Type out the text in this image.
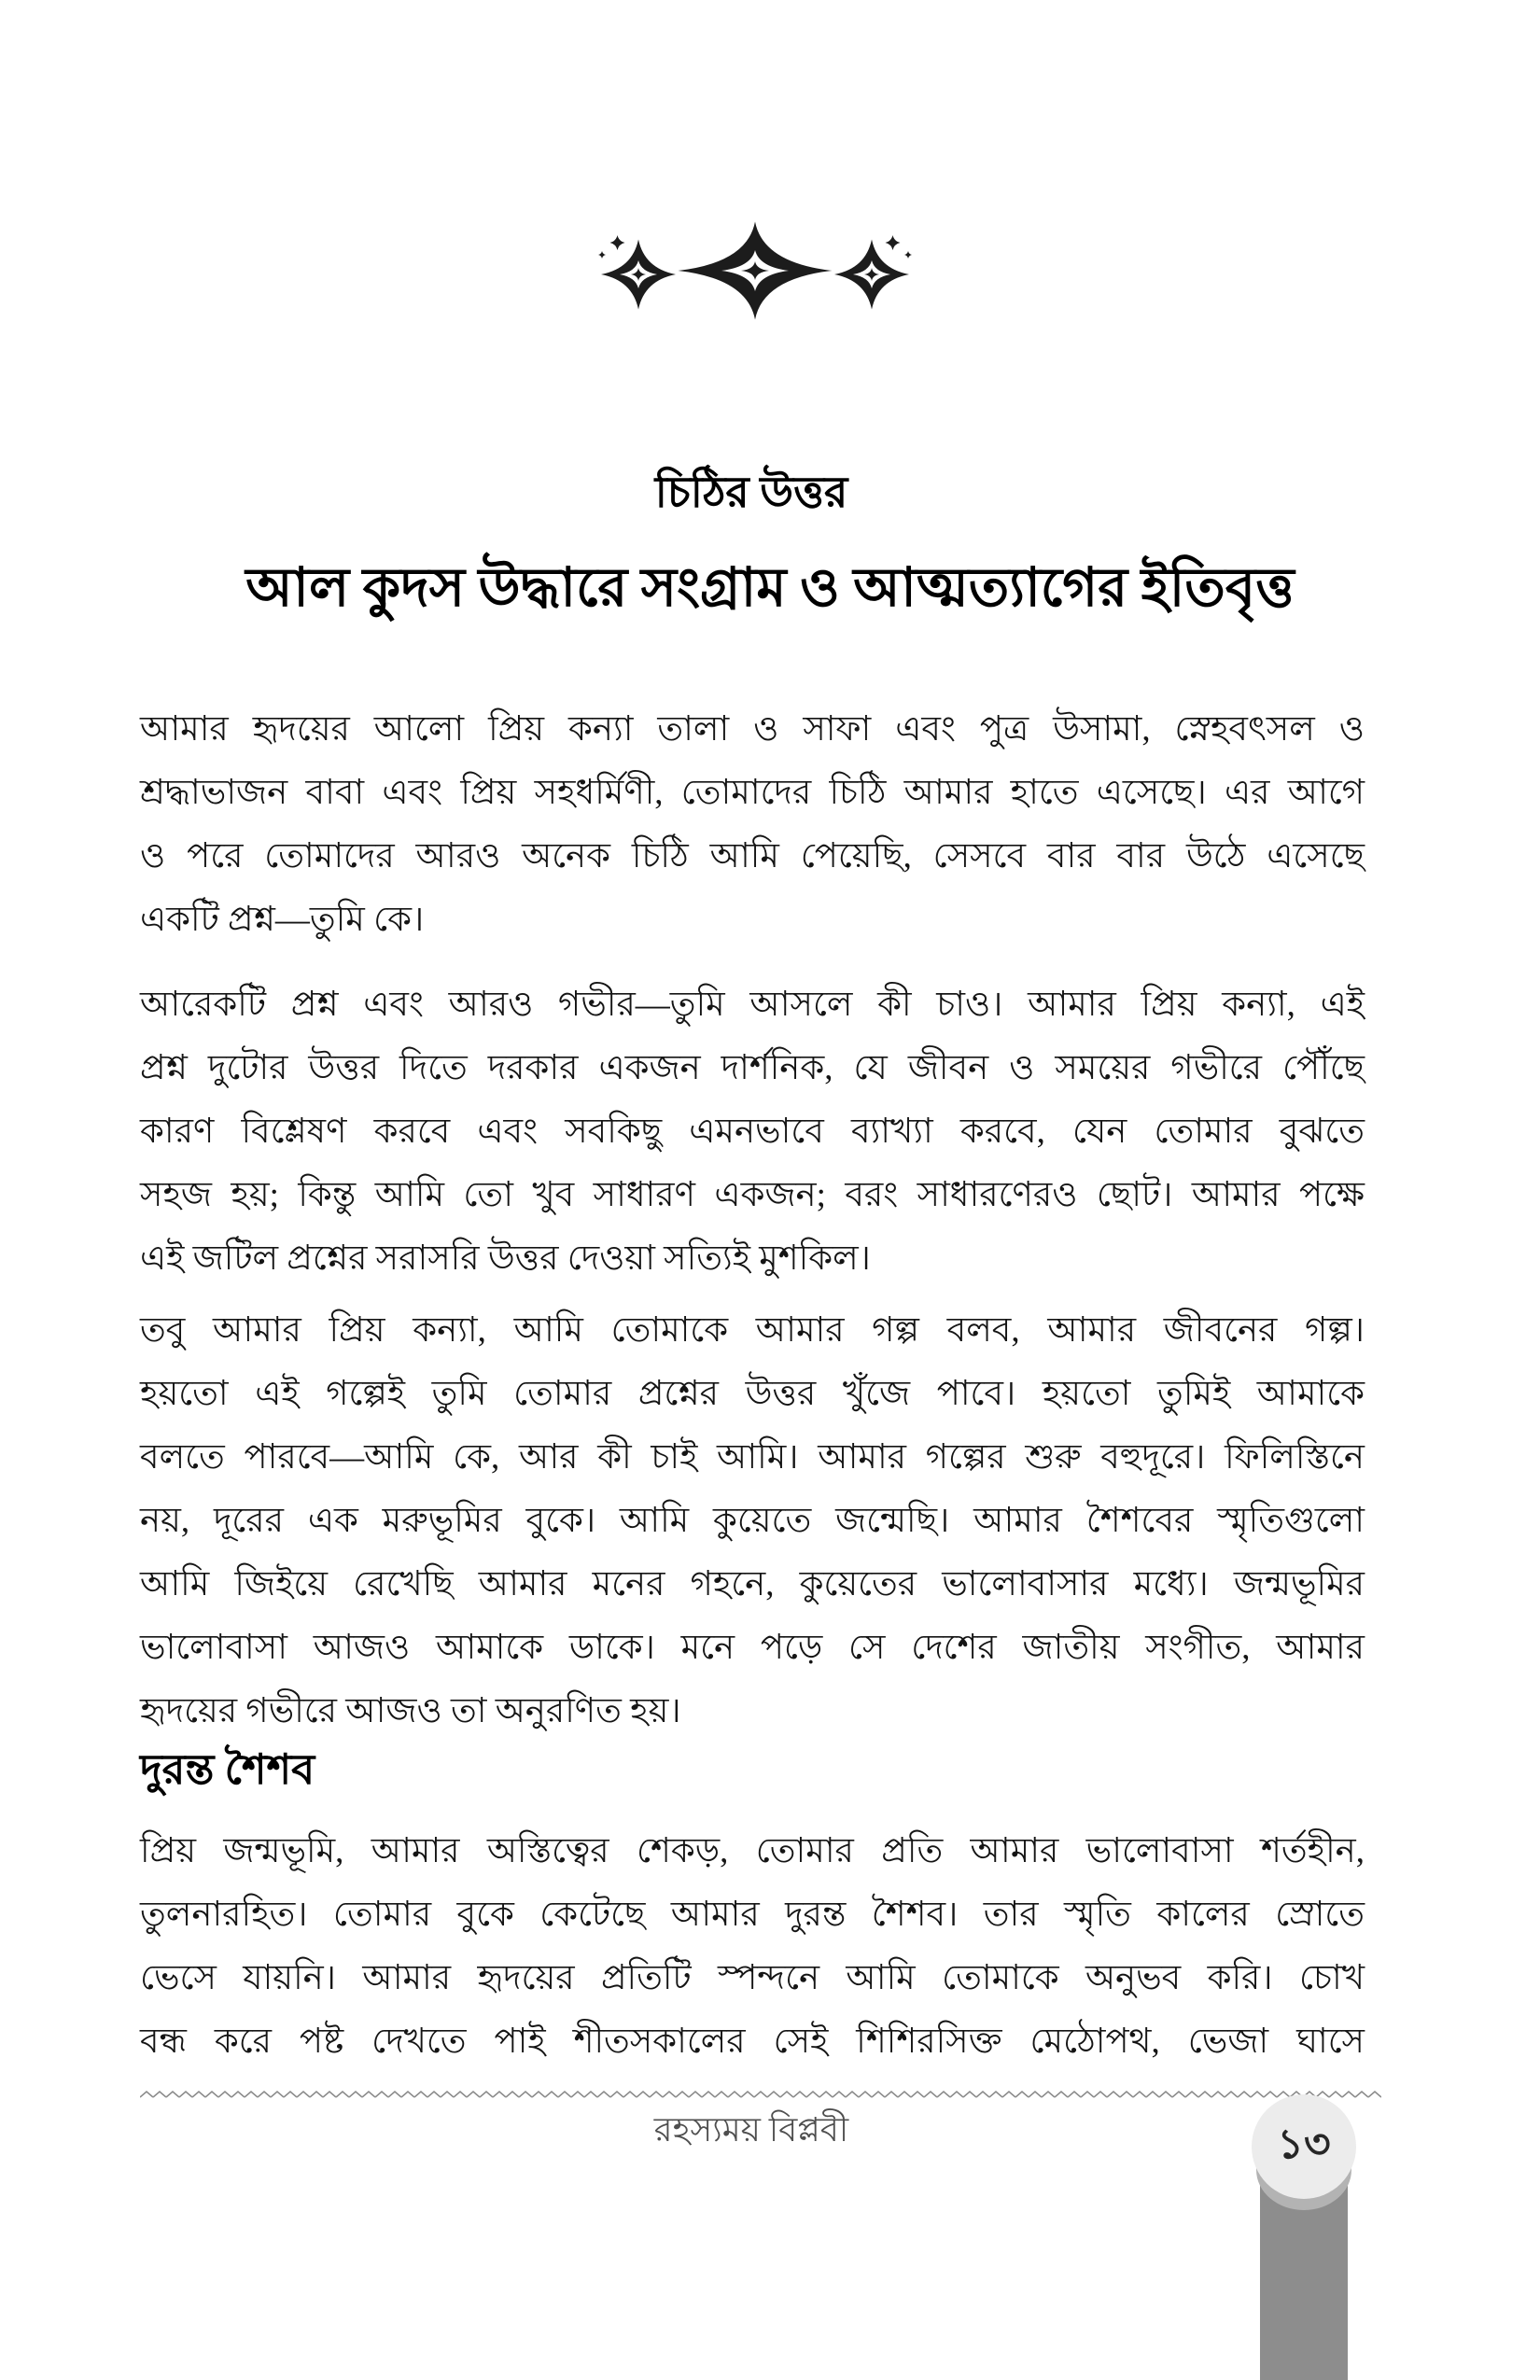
চিঠির উত্তর
আল কুদস উদ্ধারে সংগ্রাম ও আত্মত্যাগের ইতিবৃত্ত
আমার হৃদয়ের আলো প্রিয় কন্যা তালা ও সাফা এবং পুত্র উসামা, স্নেহবৎসল ও
শ্রদ্ধাভাজন বাবা এবং প্রিয় সহধর্মিণী, তোমাদের চিঠি আমার হাতে এসেছে। এর আগে
ও পরে তোমাদের আরও অনেক চিঠি আমি পেয়েছি, সেসবে বার বার উঠে এসেছে
একটি প্রশ্ন—তুমি কে।
আরেকটি প্রশ্ন এবং আরও গভীর—তুমি আসলে কী চাও। আমার প্রিয় কন্যা, এই
প্রশ্ন দুটোর উত্তর দিতে দরকার একজন দার্শনিক, যে জীবন ও সময়ের গভীরে পৌঁছে
কারণ বিশ্লেষণ করবে এবং সবকিছু এমনভাবে ব্যাখ্যা করবে, যেন তোমার বুঝতে
সহজ হয়; কিন্তু আমি তো খুব সাধারণ একজন; বরং সাধারণেরও ছোট। আমার পক্ষে
এই জটিল প্রশ্নের সরাসরি উত্তর দেওয়া সত্যিই মুশকিল।
তবু আমার প্রিয় কন্যা, আমি তোমাকে আমার গল্প বলব, আমার জীবনের গল্প।
হয়তো এই গল্পেই তুমি তোমার প্রশ্নের উত্তর খুঁজে পাবে। হয়তো তুমিই আমাকে
বলতে পারবে—আমি কে, আর কী চাই আমি। আমার গল্পের শুরু বহুদূরে। ফিলিস্তিনে
নয়, দূরের এক মরুভূমির বুকে। আমি কুয়েতে জন্মেছি। আমার শৈশবের স্মৃতিগুলো
আমি জিইয়ে রেখেছি আমার মনের গহনে, কুয়েতের ভালোবাসার মধ্যে। জন্মভূমির
ভালোবাসা আজও আমাকে ডাকে। মনে পড়ে সে দেশের জাতীয় সংগীত, আমার
হৃদয়ের গভীরে আজও তা অনুরণিত হয়।
দুরন্ত শৈশব
প্রিয় জন্মভূমি, আমার অস্তিত্বের শেকড়, তোমার প্রতি আমার ভালোবাসা শর্তহীন,
তুলনারহিত। তোমার বুকে কেটেছে আমার দুরন্ত শৈশব। তার স্মৃতি কালের স্রোতে
ভেসে যায়নি। আমার হৃদয়ের প্রতিটি স্পন্দনে আমি তোমাকে অনুভব করি। চোখ
বন্ধ করে পষ্ট দেখতে পাই শীতসকালের সেই শিশিরসিক্ত মেঠোপথ, ভেজা ঘাসে
রহস্যময় বিপ্লবী	১৩
